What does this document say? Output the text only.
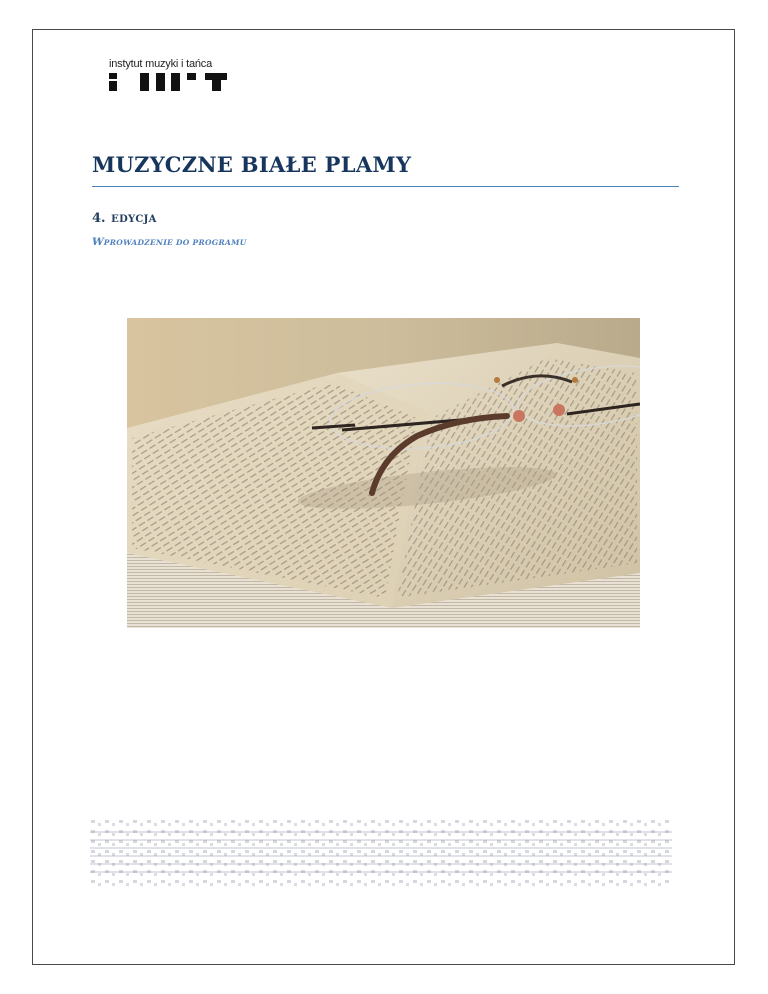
instytut muzyki i tańca
MUZYCZNE BIAŁE PLAMY
4. EDYCJA
WPROWADZENIE DO PROGRAMU
